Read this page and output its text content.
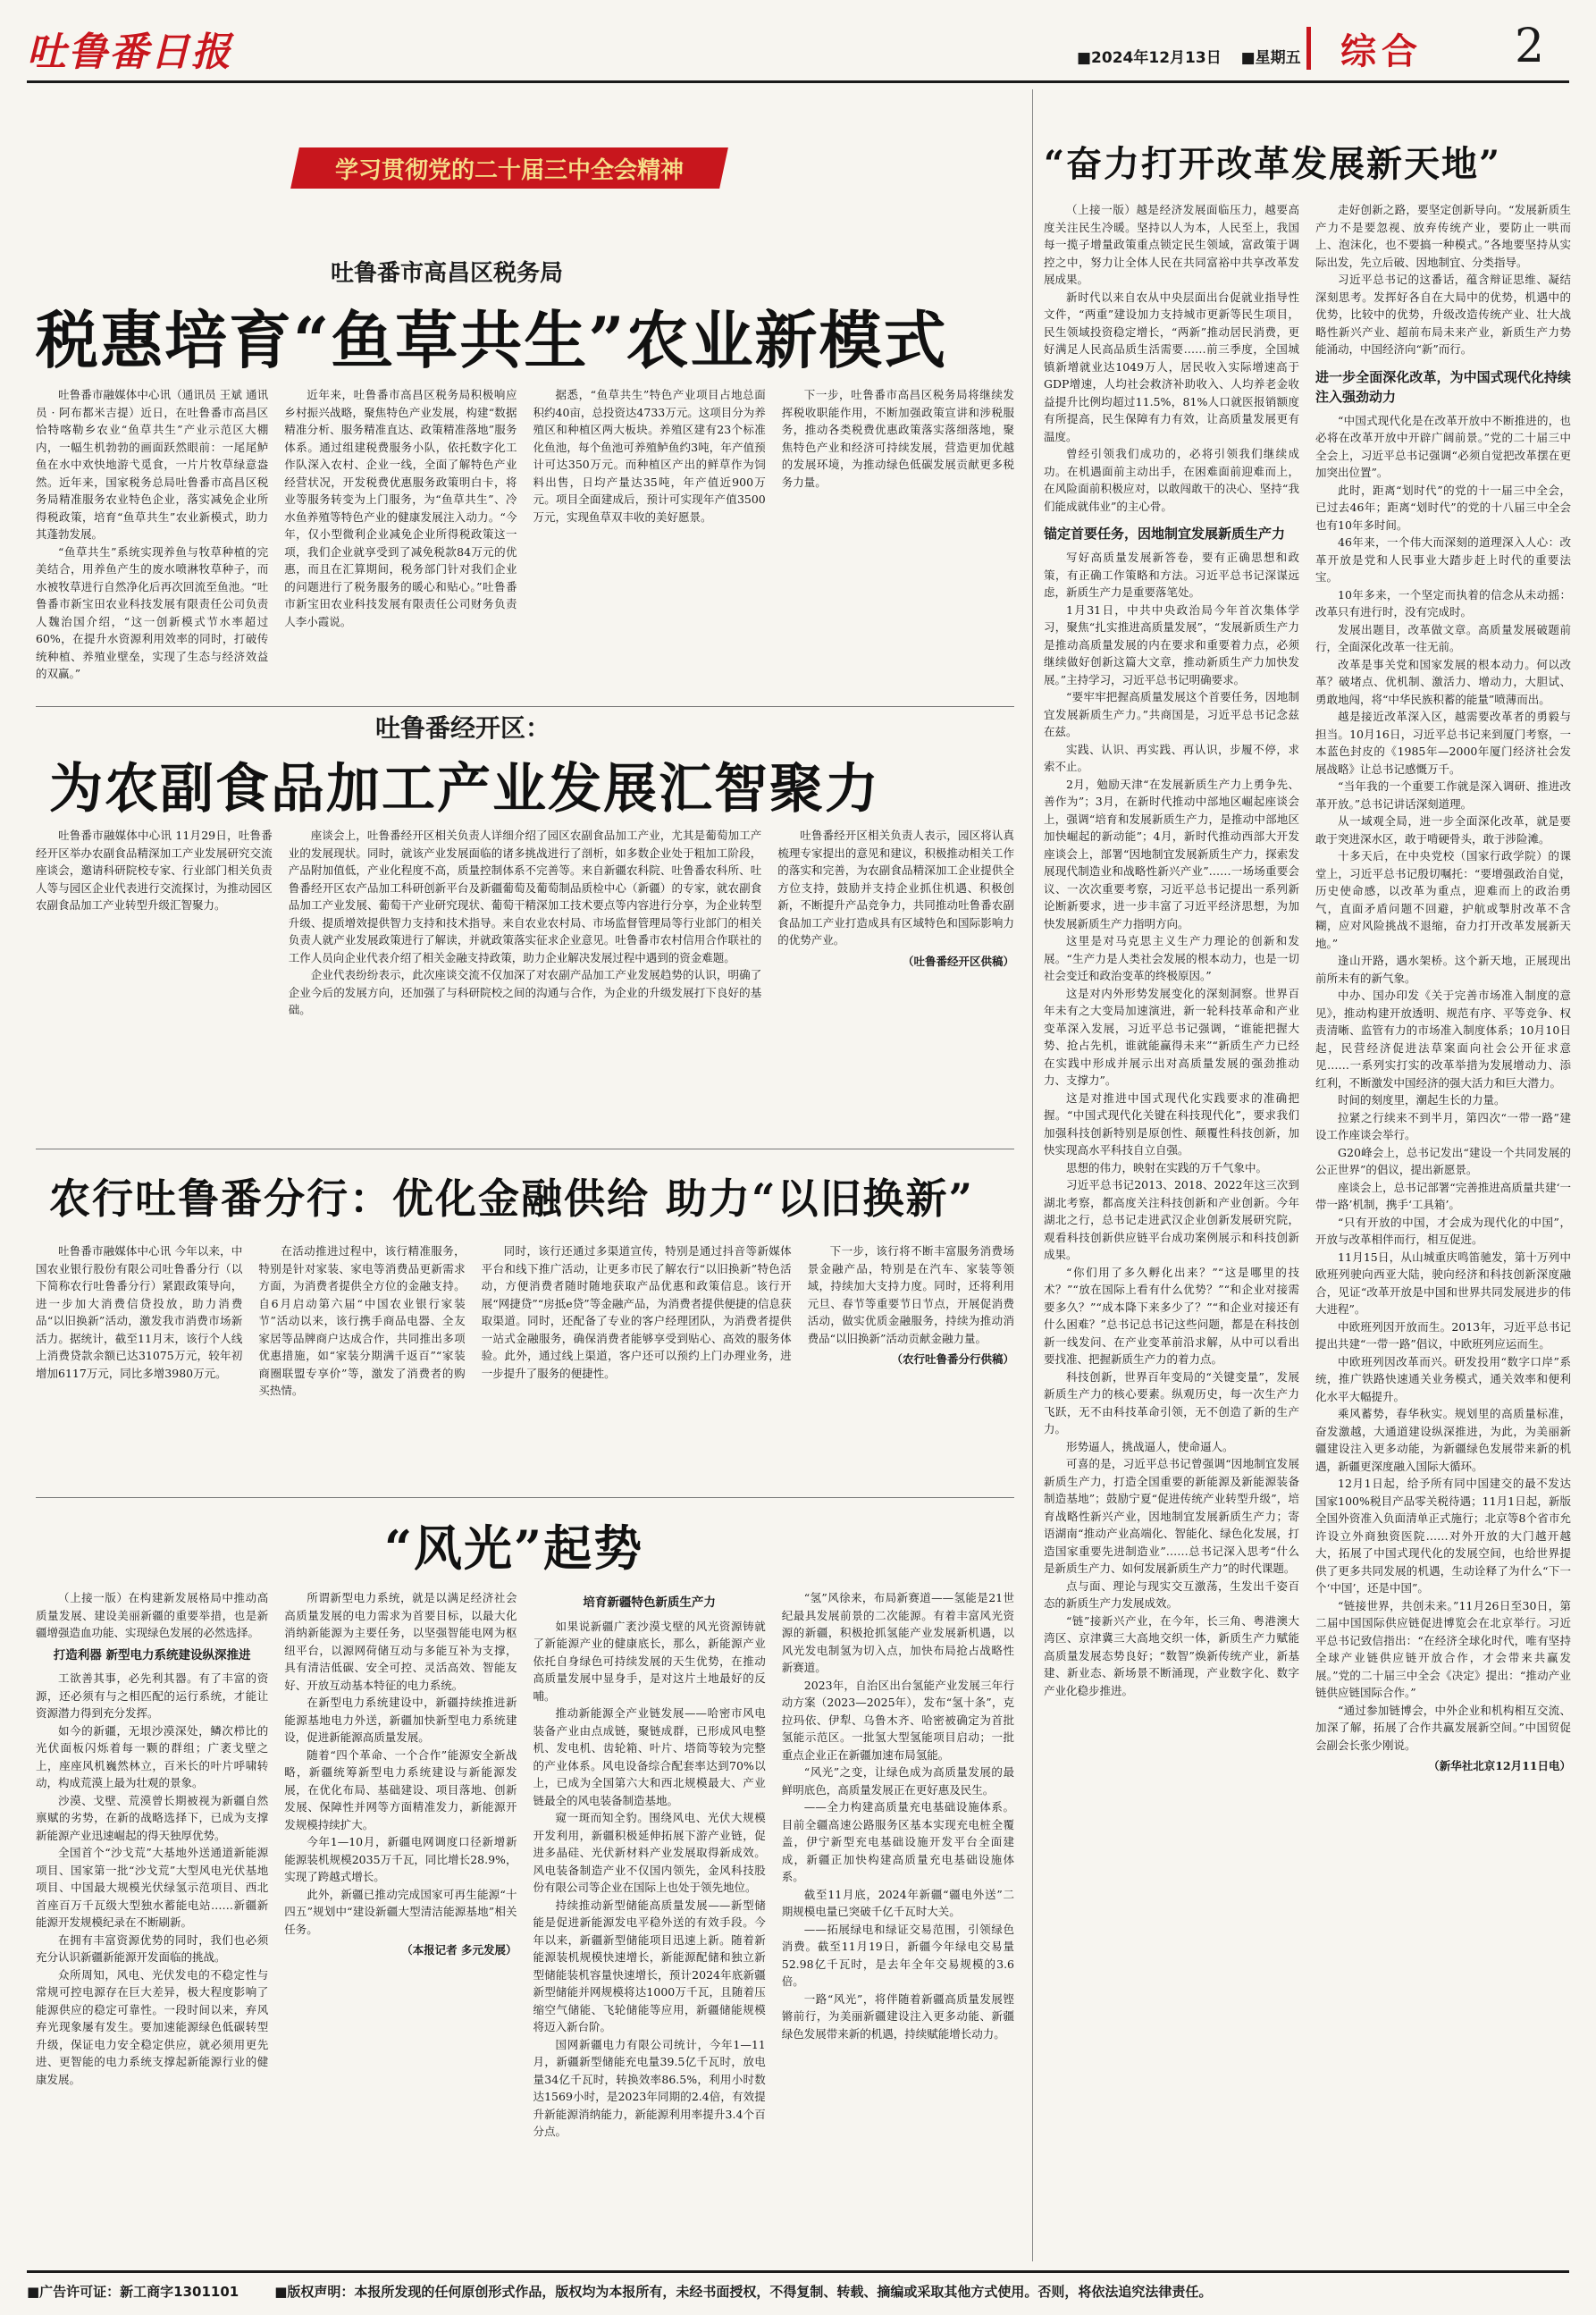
吐鲁番日报	■2024年12月13日 ■星期五	综合 2
学习贯彻党的二十届三中全会精神
吐鲁番市高昌区税务局
税惠培育“鱼草共生”农业新模式

吐鲁番市融媒体中心讯（通讯员 王斌 通讯员 · 阿布都米吉提）近日，在吐鲁番市高昌区恰特喀勒乡农业“鱼草共生”产业示范区大棚内，一幅生机勃勃的画面跃然眼前：一尾尾鲈鱼在水中欢快地游弋觅食，一片片牧草绿意盎然。近年来，国家税务总局吐鲁番市高昌区税务局精准服务农业特色企业，落实减免企业所得税政策，培育“鱼草共生”农业新模式，助力其蓬勃发展。

“鱼草共生”系统实现养鱼与牧草种植的完美结合，用养鱼产生的废水喷淋牧草种子，而水被牧草进行自然净化后再次回流至鱼池。“吐鲁番市新宝田农业科技发展有限责任公司负责人魏治国介绍，“这一创新模式节水率超过60%，在提升水资源利用效率的同时，打破传统种植、养殖业壁垒，实现了生态与经济效益的双赢。”

近年来，吐鲁番市高昌区税务局积极响应乡村振兴战略，聚焦特色产业发展，构建“数据精准分析、服务精准直达、政策精准落地”服务体系。通过组建税费服务小队，依托数字化工作队深入农村、企业一线，全面了解特色产业经营状况，开发税费优惠服务政策明白卡，将业等服务转变为上门服务，为“鱼草共生”、冷水鱼养殖等特色产业的健康发展注入动力。“今年，仅小型微利企业减免企业所得税政策这一项，我们企业就享受到了减免税款84万元的优惠，而且在汇算期间，税务部门针对我们企业的问题进行了税务服务的暖心和贴心。”吐鲁番市新宝田农业科技发展有限责任公司财务负责人李小霞说。

据悉，“鱼草共生”特色产业项目占地总面积约40亩，总投资达4733万元。这项目分为养殖区和种植区两大板块。养殖区建有23个标准化鱼池，每个鱼池可养殖鲈鱼约3吨，年产值预计可达350万元。而种植区产出的鲜草作为饲料出售，日均产量达35吨，年产值近900万元。项目全面建成后，预计可实现年产值3500万元，实现鱼草双丰收的美好愿景。

下一步，吐鲁番市高昌区税务局将继续发挥税收职能作用，不断加强政策宣讲和涉税服务，推动各类税费优惠政策落实落细落地，聚焦特色产业和经济可持续发展，营造更加优越的发展环境，为推动绿色低碳发展贡献更多税务力量。

吐鲁番经开区：
为农副食品加工产业发展汇智聚力

吐鲁番市融媒体中心讯 11月29日，吐鲁番经开区举办农副食品精深加工产业发展研究交流座谈会，邀请科研院校专家、行业部门相关负责人等与园区企业代表进行交流探讨，为推动园区农副食品加工产业转型升级汇智聚力。

座谈会上，吐鲁番经开区相关负责人详细介绍了园区农副食品加工产业，尤其是葡萄加工产业的发展现状。同时，就该产业发展面临的诸多挑战进行了剖析，如多数企业处于粗加工阶段，产品附加值低，产业化程度不高，质量控制体系不完善等。来自新疆农科院、吐鲁番农科所、吐鲁番经开区农产品加工科研创新平台及新疆葡萄及葡萄制品质检中心（新疆）的专家，就农副食品加工产业发展、葡萄干产业研究现状、葡萄干精深加工技术要点等内容进行分享，为企业转型升级、提质增效提供智力支持和技术指导。来自农业农村局、市场监督管理局等行业部门的相关负责人就产业发展政策进行了解读，并就政策落实征求企业意见。吐鲁番市农村信用合作联社的工作人员向企业代表介绍了相关金融支持政策，助力企业解决发展过程中遇到的资金难题。

企业代表纷纷表示，此次座谈交流不仅加深了对农副产品加工产业发展趋势的认识，明确了企业今后的发展方向，还加强了与科研院校之间的沟通与合作，为企业的升级发展打下良好的基础。

吐鲁番经开区相关负责人表示，园区将认真梳理专家提出的意见和建议，积极推动相关工作的落实和完善，为农副食品精深加工企业提供全方位支持，鼓励并支持企业抓住机遇、积极创新，不断提升产品竞争力，共同推动吐鲁番农副食品加工产业打造成具有区域特色和国际影响力的优势产业。

（吐鲁番经开区供稿）
农行吐鲁番分行：优化金融供给 助力“以旧换新”

吐鲁番市融媒体中心讯 今年以来，中国农业银行股份有限公司吐鲁番分行（以下简称农行吐鲁番分行）紧跟政策导向，进一步加大消费信贷投放，助力消费品“以旧换新”活动，激发我市消费市场新活力。据统计，截至11月末，该行个人线上消费贷款余额已达31075万元，较年初增加6117万元，同比多增3980万元。

在活动推进过程中，该行精准服务，特别是针对家装、家电等消费品更新需求方面，为消费者提供全方位的金融支持。自6月启动第六届“中国农业银行家装节”活动以来，该行携手商品电器、全友家居等品牌商户达成合作，共同推出多项优惠措施，如“家装分期满千返百”“家装商圈联盟专享价”等，激发了消费者的购买热情。

同时，该行还通过多渠道宣传，特别是通过抖音等新媒体平台和线下推广活动，让更多市民了解农行“以旧换新”特色活动，方便消费者随时随地获取产品优惠和政策信息。该行开展“网捷贷”“房抵e贷”等金融产品，为消费者提供便捷的信息获取渠道。同时，还配备了专业的客户经理团队，为消费者提供一站式金融服务，确保消费者能够享受到贴心、高效的服务体验。此外，通过线上渠道，客户还可以预约上门办理业务，进一步提升了服务的便捷性。

下一步，该行将不断丰富服务消费场景金融产品，特别是在汽车、家装等领域，持续加大支持力度。同时，还将利用元旦、春节等重要节日节点，开展促消费活动，做实优质金融服务，持续为推动消费品“以旧换新”活动贡献金融力量。

（农行吐鲁番分行供稿）
“风光”起势

（上接一版）在构建新发展格局中推动高质量发展、建设美丽新疆的重要举措，也是新疆增强造血功能、实现绿色发展的必然选择。

打造利器 新型电力系统建设纵深推进

工欲善其事，必先利其器。有了丰富的资源，还必须有与之相匹配的运行系统，才能让资源潜力得到充分发挥。

如今的新疆，无垠沙漠深处，鳞次栉比的光伏面板闪烁着每一颗的群组；广袤戈壁之上，座座风机巍然林立，百米长的叶片呼啸转动，构成荒漠上最为壮观的景象。

沙漠、戈壁、荒漠曾长期被视为新疆自然禀赋的劣势，在新的战略选择下，已成为支撑新能源产业迅速崛起的得天独厚优势。

全国首个“沙戈荒”大基地外送通道新能源项目、国家第一批“沙戈荒”大型风电光伏基地项目、中国最大规模光伏绿氢示范项目、西北首座百万千瓦级大型独水蓄能电站……新疆新能源开发规模纪录在不断刷新。

在拥有丰富资源优势的同时，我们也必须充分认识新疆新能源开发面临的挑战。

众所周知，风电、光伏发电的不稳定性与常规可控电源存在巨大差异，极大程度影响了能源供应的稳定可靠性。一段时间以来，弃风弃光现象屡有发生。要加速能源绿色低碳转型升级，保证电力安全稳定供应，就必须用更先进、更智能的电力系统支撑起新能源行业的健康发展。

所谓新型电力系统，就是以满足经济社会高质量发展的电力需求为首要目标，以最大化消纳新能源为主要任务，以坚强智能电网为枢纽平台，以源网荷储互动与多能互补为支撑，具有清洁低碳、安全可控、灵活高效、智能友好、开放互动基本特征的电力系统。

在新型电力系统建设中，新疆持续推进新能源基地电力外送，新疆加快新型电力系统建设，促进新能源高质量发展。

随着“四个革命、一个合作”能源安全新战略，新疆统筹新型电力系统建设与新能源发展，在优化布局、基础建设、项目落地、创新发展、保障性并网等方面精准发力，新能源开发规模持续扩大。

今年1—10月，新疆电网调度口径新增新能源装机规模2035万千瓦，同比增长28.9%，实现了跨越式增长。

此外，新疆已推动完成国家可再生能源“十四五”规划中“建设新疆大型清洁能源基地”相关任务。

（本报记者 多元发展）
培育新疆特色新质生产力

如果说新疆广袤沙漠戈壁的风光资源铸就了新能源产业的健康底长，那么，新能源产业依托自身绿色可持续发展的天生优势，在推动高质量发展中显身手，是对这片土地最好的反哺。

推动新能源全产业链发展——哈密市风电装备产业由点成链，聚链成群，已形成风电整机、发电机、齿轮箱、叶片、塔筒等较为完整的产业体系。风电设备综合配套率达到70%以上，已成为全国第六大和西北规模最大、产业链最全的风电装备制造基地。

窥一斑而知全豹。围绕风电、光伏大规模开发利用，新疆积极延伸拓展下游产业链，促进多晶硅、光伏新材料产业发展取得新成效。风电装备制造产业不仅国内领先，金风科技股份有限公司等企业在国际上也处于领先地位。

持续推动新型储能高质量发展——新型储能是促进新能源发电平稳外送的有效手段。今年以来，新疆新型储能项目迅速上新。随着新能源装机规模快速增长，新能源配储和独立新型储能装机容量快速增长，预计2024年底新疆新型储能并网规模将达1000万千瓦，且随着压缩空气储能、飞轮储能等应用，新疆储能规模将迈入新台阶。

国网新疆电力有限公司统计，今年1—11月，新疆新型储能充电量39.5亿千瓦时，放电量34亿千瓦时，转换效率86.5%，利用小时数达1569小时，是2023年同期的2.4倍，有效提升新能源消纳能力，新能源利用率提升3.4个百分点。

“氢”风徐来，布局新赛道——氢能是21世纪最具发展前景的二次能源。有着丰富风光资源的新疆，积极抢抓氢能产业发展新机遇，以风光发电制氢为切入点，加快布局抢占战略性新赛道。

2023年，自治区出台氢能产业发展三年行动方案（2023—2025年），发布“氢十条”，克拉玛依、伊犁、乌鲁木齐、哈密被确定为首批氢能示范区。一批氢大型氢能项目启动；一批重点企业正在新疆加速布局氢能。

“风光”之变，让绿色成为高质量发展的最鲜明底色，高质量发展正在更好惠及民生。

——全力构建高质量充电基础设施体系。目前全疆高速公路服务区基本实现充电桩全覆盖，伊宁新型充电基础设施开发平台全面建成，新疆正加快构建高质量充电基础设施体系。

截至11月底，2024年新疆“疆电外送”二期规模电量已突破千亿千瓦时大关。

——拓展绿电和绿证交易范围，引领绿色消费。截至11月19日，新疆今年绿电交易量52.98亿千瓦时，是去年全年交易规模的3.6倍。

一路“风光”，将伴随着新疆高质量发展铿锵前行，为美丽新疆建设注入更多动能、新疆绿色发展带来新的机遇，持续赋能增长动力。

“奋力打开改革发展新天地”

（上接一版）越是经济发展面临压力，越要高度关注民生冷暖。坚持以人为本，人民至上，我国每一揽子增量政策重点锁定民生领域，富政策于调控之中，努力让全体人民在共同富裕中共享改革发展成果。

新时代以来自农从中央层面出台促就业指导性文件，“两重”建设加力支持城市更新等民生项目，民生领域投资稳定增长，“两新”推动居民消费，更好满足人民高品质生活需要……前三季度，全国城镇新增就业达1049万人，居民收入实际增速高于GDP增速，人均社会救济补助收入、人均养老金收益提升比例均超过11.5%，81%人口就医报销额度有所提高，民生保障有力有效，让高质量发展更有温度。

曾经引领我们成功的，必将引领我们继续成功。在机遇面前主动出手，在困难面前迎难而上，在风险面前积极应对，以敢闯敢干的决心、坚持“我们能成就伟业”的主心骨。

锚定首要任务，因地制宜发展新质生产力

写好高质量发展新答卷，要有正确思想和政策，有正确工作策略和方法。习近平总书记深谋远虑，新质生产力是重要落笔处。

1月31日，中共中央政治局今年首次集体学习，聚焦“扎实推进高质量发展”，“发展新质生产力是推动高质量发展的内在要求和重要着力点，必须继续做好创新这篇大文章，推动新质生产力加快发展。”主持学习，习近平总书记明确要求。

“要牢牢把握高质量发展这个首要任务，因地制宜发展新质生产力。”共商国是，习近平总书记念兹在兹。

实践、认识、再实践、再认识，步履不停，求索不止。

2月，勉励天津“在发展新质生产力上勇争先、善作为”；3月，在新时代推动中部地区崛起座谈会上，强调“培育和发展新质生产力，是推动中部地区加快崛起的新动能”；4月，新时代推动西部大开发座谈会上，部署“因地制宜发展新质生产力，探索发展现代制造业和战略性新兴产业”……一场场重要会议、一次次重要考察，习近平总书记提出一系列新论断新要求，进一步丰富了习近平经济思想，为加快发展新质生产力指明方向。

这里是对马克思主义生产力理论的创新和发展。“生产力是人类社会发展的根本动力，也是一切社会变迁和政治变革的终极原因。”

这是对内外形势发展变化的深刻洞察。世界百年未有之大变局加速演进，新一轮科技革命和产业变革深入发展，习近平总书记强调，“谁能把握大势、抢占先机，谁就能赢得未来”“新质生产力已经在实践中形成并展示出对高质量发展的强劲推动力、支撑力”。

这是对推进中国式现代化实践要求的准确把握。“中国式现代化关键在科技现代化”，要求我们加强科技创新特别是原创性、颠覆性科技创新，加快实现高水平科技自立自强。

思想的伟力，映射在实践的万千气象中。

习近平总书记2013、2018、2022年这三次到湖北考察，都高度关注科技创新和产业创新。今年湖北之行，总书记走进武汉企业创新发展研究院，观看科技创新供应链平台成功案例展示和科技创新成果。

“你们用了多久孵化出来？”“这是哪里的技术？”“放在国际上看有什么优势？”“和企业对接需要多久？”“成本降下来多少了？”“和企业对接还有什么困难？”总书记总书记这些问题，都是在科技创新一线发问、在产业变革前沿求解，从中可以看出要找准、把握新质生产力的着力点。

科技创新，世界百年变局的“关键变量”，发展新质生产力的核心要素。纵观历史，每一次生产力飞跃，无不由科技革命引领，无不创造了新的生产力。

形势逼人，挑战逼人，使命逼人。

可喜的是，习近平总书记曾强调“因地制宜发展新质生产力，打造全国重要的新能源及新能源装备制造基地”；鼓励宁夏“促进传统产业转型升级”，培育战略性新兴产业，因地制宜发展新质生产力；寄语湖南“推动产业高端化、智能化、绿色化发展，打造国家重要先进制造业”……总书记深入思考“什么是新质生产力、如何发展新质生产力”的时代课题。

点与面、理论与现实交互激荡，生发出千姿百态的新质生产力发展成效。

“链”接新兴产业，在今年，长三角、粤港澳大湾区、京津冀三大高地交织一体，新质生产力赋能高质量发展态势良好；“数智”焕新传统产业，新基建、新业态、新场景不断涌现，产业数字化、数字产业化稳步推进。

走好创新之路，要坚定创新导向。“发展新质生产力不是要忽视、放弃传统产业，要防止一哄而上、泡沫化，也不要搞一种模式。”各地要坚持从实际出发，先立后破、因地制宜、分类指导。

习近平总书记的这番话，蕴含辩证思维、凝结深刻思考。发挥好各自在大局中的优势，机遇中的优势，比较中的优势，升级改造传统产业、壮大战略性新兴产业、超前布局未来产业，新质生产力势能涌动，中国经济向“新”而行。

进一步全面深化改革，为中国式现代化持续注入强劲动力

“中国式现代化是在改革开放中不断推进的，也必将在改革开放中开辟广阔前景。”党的二十届三中全会上，习近平总书记强调“必须自觉把改革摆在更加突出位置”。

此时，距离“划时代”的党的十一届三中全会，已过去46年；距离“划时代”的党的十八届三中全会也有10年多时间。

46年来，一个伟大而深刻的道理深入人心：改革开放是党和人民事业大踏步赶上时代的重要法宝。

10年多来，一个坚定而执着的信念从未动摇：改革只有进行时，没有完成时。

发展出题目，改革做文章。高质量发展破题前行，全面深化改革一往无前。

改革是事关党和国家发展的根本动力。何以改革？破堵点、优机制、激活力、增动力，大胆试、勇敢地闯，将“中华民族积蓄的能量”喷薄而出。

越是接近改革深入区，越需要改革者的勇毅与担当。10月16日，习近平总书记来到厦门考察，一本蓝色封皮的《1985年—2000年厦门经济社会发展战略》让总书记感慨万千。

“当年我的一个重要工作就是深入调研、推进改革开放。”总书记讲话深刻道理。

从一域观全局，进一步全面深化改革，就是要敢于突进深水区，敢于啃硬骨头，敢于涉险滩。

十多天后，在中央党校（国家行政学院）的课堂上，习近平总书记殷切嘱托：“要增强政治自觉，历史使命感，以改革为重点，迎难而上的政治勇气，直面矛盾问题不回避，护航或掣肘改革不含糊，应对风险挑战不退缩，奋力打开改革发展新天地。”

逢山开路，遇水架桥。这个新天地，正展现出前所未有的新气象。

中办、国办印发《关于完善市场准入制度的意见》，推动构建开放透明、规范有序、平等竞争、权责清晰、监管有力的市场准入制度体系；10月10日起，民营经济促进法草案面向社会公开征求意见……一系列实打实的改革举措为发展增动力、添红利，不断激发中国经济的强大活力和巨大潜力。

时间的刻度里，潮起生长的力量。

拉紧之行续来不到半月，第四次“一带一路”建设工作座谈会举行。

G20峰会上，总书记发出“建设一个共同发展的公正世界”的倡议，提出新愿景。

座谈会上，总书记部署“完善推进高质量共建‘一带一路’机制，携手‘工具箱’。

“只有开放的中国，才会成为现代化的中国”，开放与改革相伴而行，相互促进。

11月15日，从山城重庆鸣笛驰发，第十万列中欧班列驶向西亚大陆，驶向经济和科技创新深度融合，见证“改革开放是中国和世界共同发展进步的伟大进程”。

中欧班列因开放而生。2013年，习近平总书记提出共建“一带一路”倡议，中欧班列应运而生。

中欧班列因改革而兴。研发投用“数字口岸”系统，推广铁路快速通关业务模式，通关效率和便利化水平大幅提升。

乘风蓄势，春华秋实。规划里的高质量标准，奋发激越，大通道建设纵深推进，为此，为美丽新疆建设注入更多动能，为新疆绿色发展带来新的机遇，新疆更深度融入国际大循环。

12月1日起，给予所有同中国建交的最不发达国家100%税目产品零关税待遇；11月1日起，新版全国外资准入负面清单正式施行；北京等8个省市允许设立外商独资医院……对外开放的大门越开越大，拓展了中国式现代化的发展空间，也给世界提供了更多共同发展的机遇，生动诠释了为什么“下一个‘中国’，还是中国”。

“链接世界，共创未来。”11月26日至30日，第二届中国国际供应链促进博览会在北京举行。习近平总书记致信指出：“在经济全球化时代，唯有坚持全球产业链供应链开放合作，才会带来共赢发展。”党的二十届三中全会《决定》提出：“推动产业链供应链国际合作。”

“通过参加链博会，中外企业和机构相互交流、加深了解，拓展了合作共赢发展新空间。”中国贸促会副会长张少刚说。

（新华社北京12月11日电）
■广告许可证：新工商字1301101	■版权声明：本报所发现的任何原创形式作品，版权均为本报所有，未经书面授权，不得复制、转载、摘编或采取其他方式使用。否则，将依法追究法律责任。
